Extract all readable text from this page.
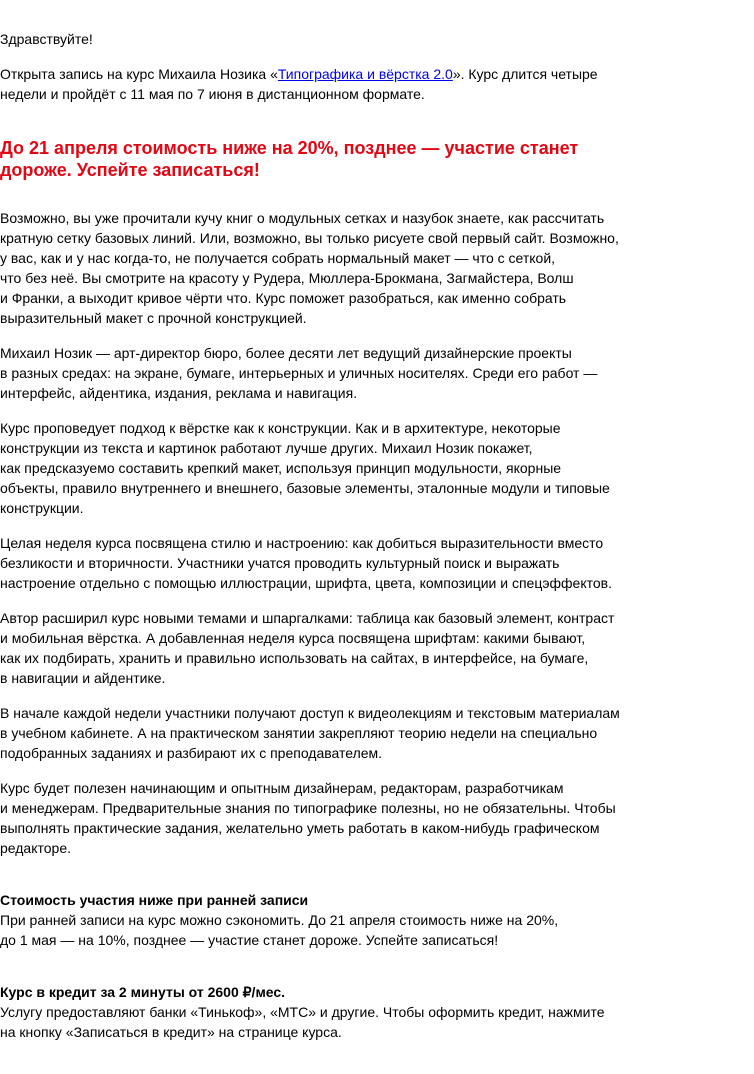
Здравствуйте!

Открыта запись на курс Михаила Нозика «Типографика и вёрстка 2.0». Курс длится четыре
недели и пройдёт с 11 мая по 7 июня в дистанционном формате.

До 21 апреля стоимость ниже на 20%, позднее — участие станет
дороже. Успейте записаться!

Возможно, вы уже прочитали кучу книг о модульных сетках и назубок знаете, как рассчитать
кратную сетку базовых линий. Или, возможно, вы только рисуете свой первый сайт. Возможно,
у вас, как и у нас когда-то, не получается собрать нормальный макет — что с сеткой,
что без неё. Вы смотрите на красоту у Рудера, Мюллера-Брокмана, Загмайстера, Волш
и Франки, а выходит кривое чёрти что. Курс поможет разобраться, как именно собрать
выразительный макет с прочной конструкцией.

Михаил Нозик — арт-директор бюро, более десяти лет ведущий дизайнерские проекты
в разных средах: на экране, бумаге, интерьерных и уличных носителях. Среди его работ —
интерфейс, айдентика, издания, реклама и навигация.

Курс проповедует подход к вёрстке как к конструкции. Как и в архитектуре, некоторые
конструкции из текста и картинок работают лучше других. Михаил Нозик покажет,
как предсказуемо составить крепкий макет, используя принцип модульности, якорные
объекты, правило внутреннего и внешнего, базовые элементы, эталонные модули и типовые
конструкции.

Целая неделя курса посвящена стилю и настроению: как добиться выразительности вместо
безликости и вторичности. Участники учатся проводить культурный поиск и выражать
настроение отдельно с помощью иллюстрации, шрифта, цвета, композиции и спецэффектов.

Автор расширил курс новыми темами и шпаргалками: таблица как базовый элемент, контраст
и мобильная вёрстка. А добавленная неделя курса посвящена шрифтам: какими бывают,
как их подбирать, хранить и правильно использовать на сайтах, в интерфейсе, на бумаге,
в навигации и айдентике.

В начале каждой недели участники получают доступ к видеолекциям и текстовым материалам
в учебном кабинете. А на практическом занятии закрепляют теорию недели на специально
подобранных заданиях и разбирают их с преподавателем.

Курс будет полезен начинающим и опытным дизайнерам, редакторам, разработчикам
и менеджерам. Предварительные знания по типографике полезны, но не обязательны. Чтобы
выполнять практические задания, желательно уметь работать в каком-нибудь графическом
редакторе.

Стоимость участия ниже при ранней записи

При ранней записи на курс можно сэкономить. До 21 апреля стоимость ниже на 20%,
до 1 мая — на 10%, позднее — участие станет дороже. Успейте записаться!

Курс в кредит за 2 минуты от 2600 ₽/мес.

Услугу предоставляют банки «Тинькоф», «МТС» и другие. Чтобы оформить кредит, нажмите
на кнопку «Записаться в кредит» на странице курса.
